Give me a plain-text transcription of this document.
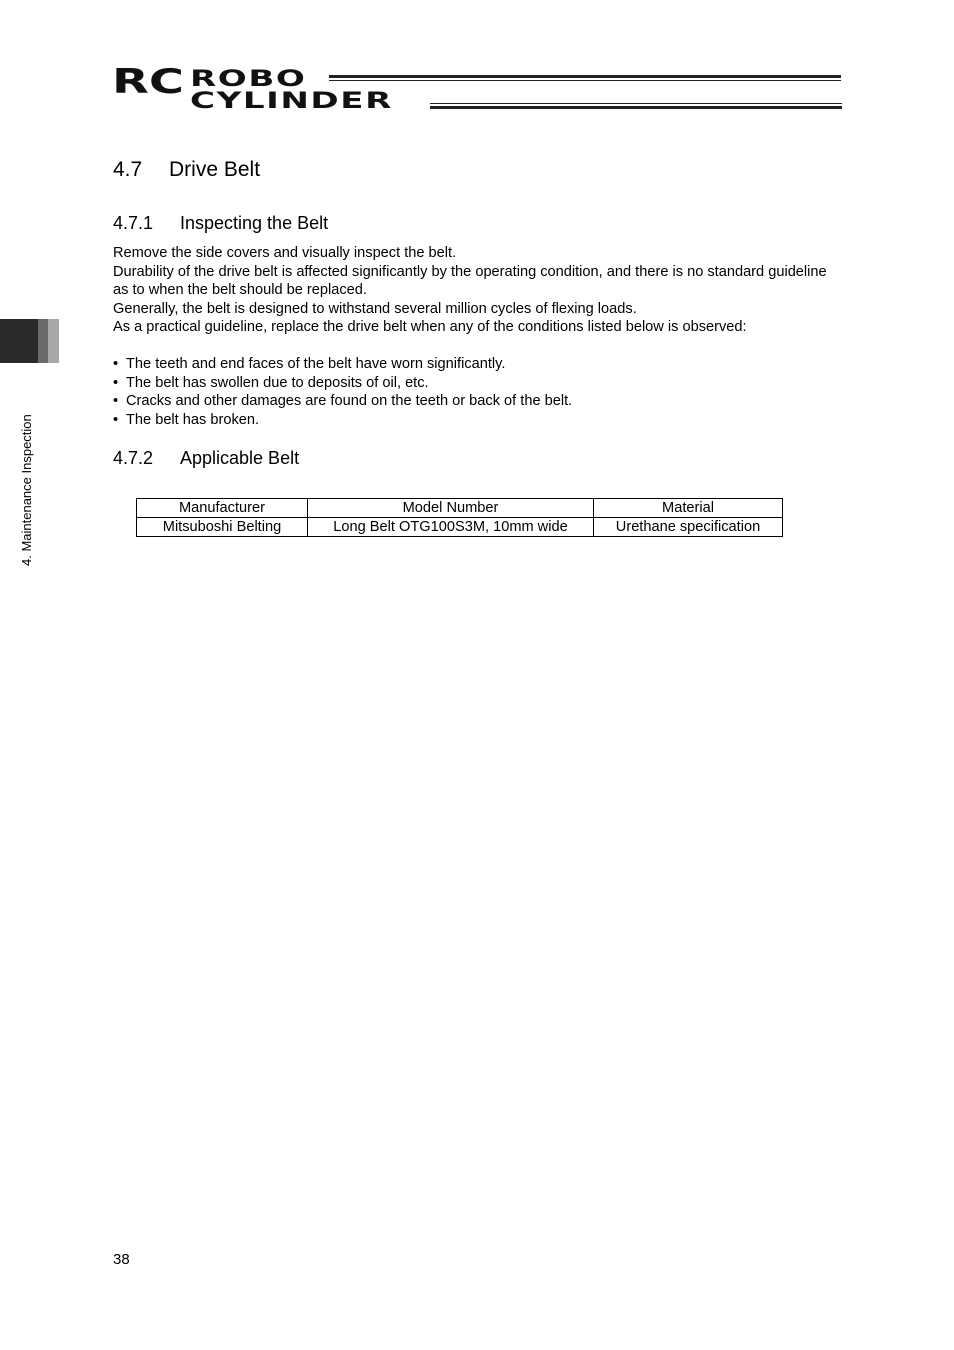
RC ROBO
CYLINDER
4. Maintenance Inspection
4.7 Drive Belt
4.7.1 Inspecting the Belt

Remove the side covers and visually inspect the belt.

Durability of the drive belt is affected significantly by the operating condition, and there is no standard guideline as to when the belt should be replaced.

Generally, the belt is designed to withstand several million cycles of flexing loads.

As a practical guideline, replace the drive belt when any of the conditions listed below is observed:

• The teeth and end faces of the belt have worn significantly.
• The belt has swollen due to deposits of oil, etc.
• Cracks and other damages are found on the teeth or back of the belt.
• The belt has broken.
4.7.2 Applicable Belt
Manufacturer	Model Number	Material
Mitsuboshi Belting	Long Belt OTG100S3M, 10mm wide	Urethane specification
38
